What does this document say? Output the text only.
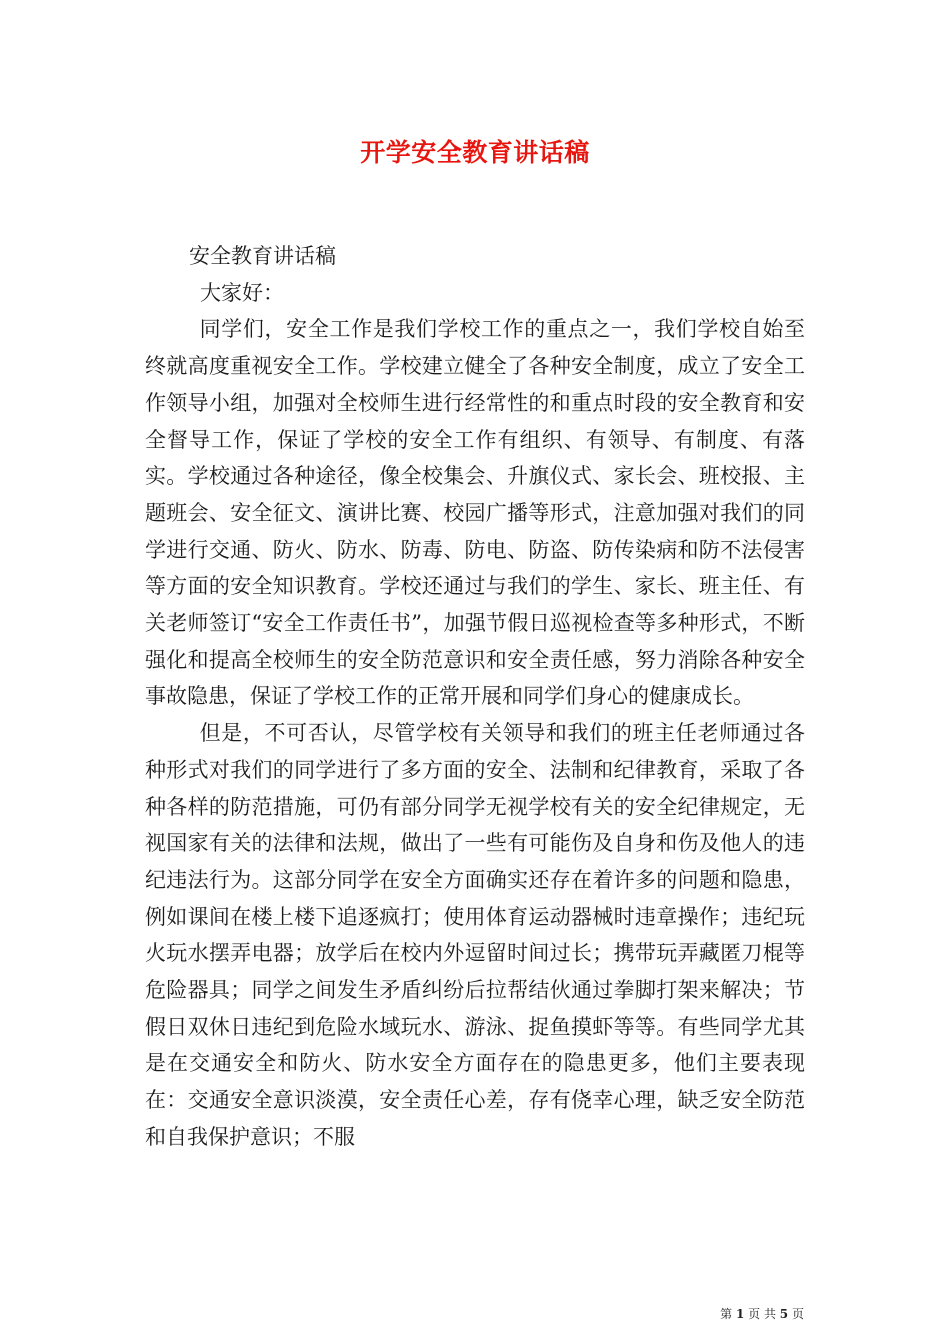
开学安全教育讲话稿

安全教育讲话稿

大家好：

同学们，安全工作是我们学校工作的重点之一，我们学校自始至终就高度重视安全工作。学校建立健全了各种安全制度，成立了安全工作领导小组，加强对全校师生进行经常性的和重点时段的安全教育和安全督导工作，保证了学校的安全工作有组织、有领导、有制度、有落实。学校通过各种途径，像全校集会、升旗仪式、家长会、班校报、主题班会、安全征文、演讲比赛、校园广播等形式，注意加强对我们的同学进行交通、防火、防水、防毒、防电、防盗、防传染病和防不法侵害等方面的安全知识教育。学校还通过与我们的学生、家长、班主任、有关老师签订“安全工作责任书”，加强节假日巡视检查等多种形式，不断强化和提高全校师生的安全防范意识和安全责任感，努力消除各种安全事故隐患，保证了学校工作的正常开展和同学们身心的健康成长。

但是，不可否认，尽管学校有关领导和我们的班主任老师通过各种形式对我们的同学进行了多方面的安全、法制和纪律教育，采取了各种各样的防范措施，可仍有部分同学无视学校有关的安全纪律规定，无视国家有关的法律和法规，做出了一些有可能伤及自身和伤及他人的违纪违法行为。这部分同学在安全方面确实还存在着许多的问题和隐患，例如课间在楼上楼下追逐疯打；使用体育运动器械时违章操作；违纪玩火玩水摆弄电器；放学后在校内外逗留时间过长；携带玩弄藏匿刀棍等危险器具；同学之间发生矛盾纠纷后拉帮结伙通过拳脚打架来解决；节假日双休日违纪到危险水域玩水、游泳、捉鱼摸虾等等。有些同学尤其是在交通安全和防火、防水安全方面存在的隐患更多，他们主要表现在：交通安全意识淡漠，安全责任心差，存有侥幸心理，缺乏安全防范和自我保护意识；不服

第 1 页 共 5 页
